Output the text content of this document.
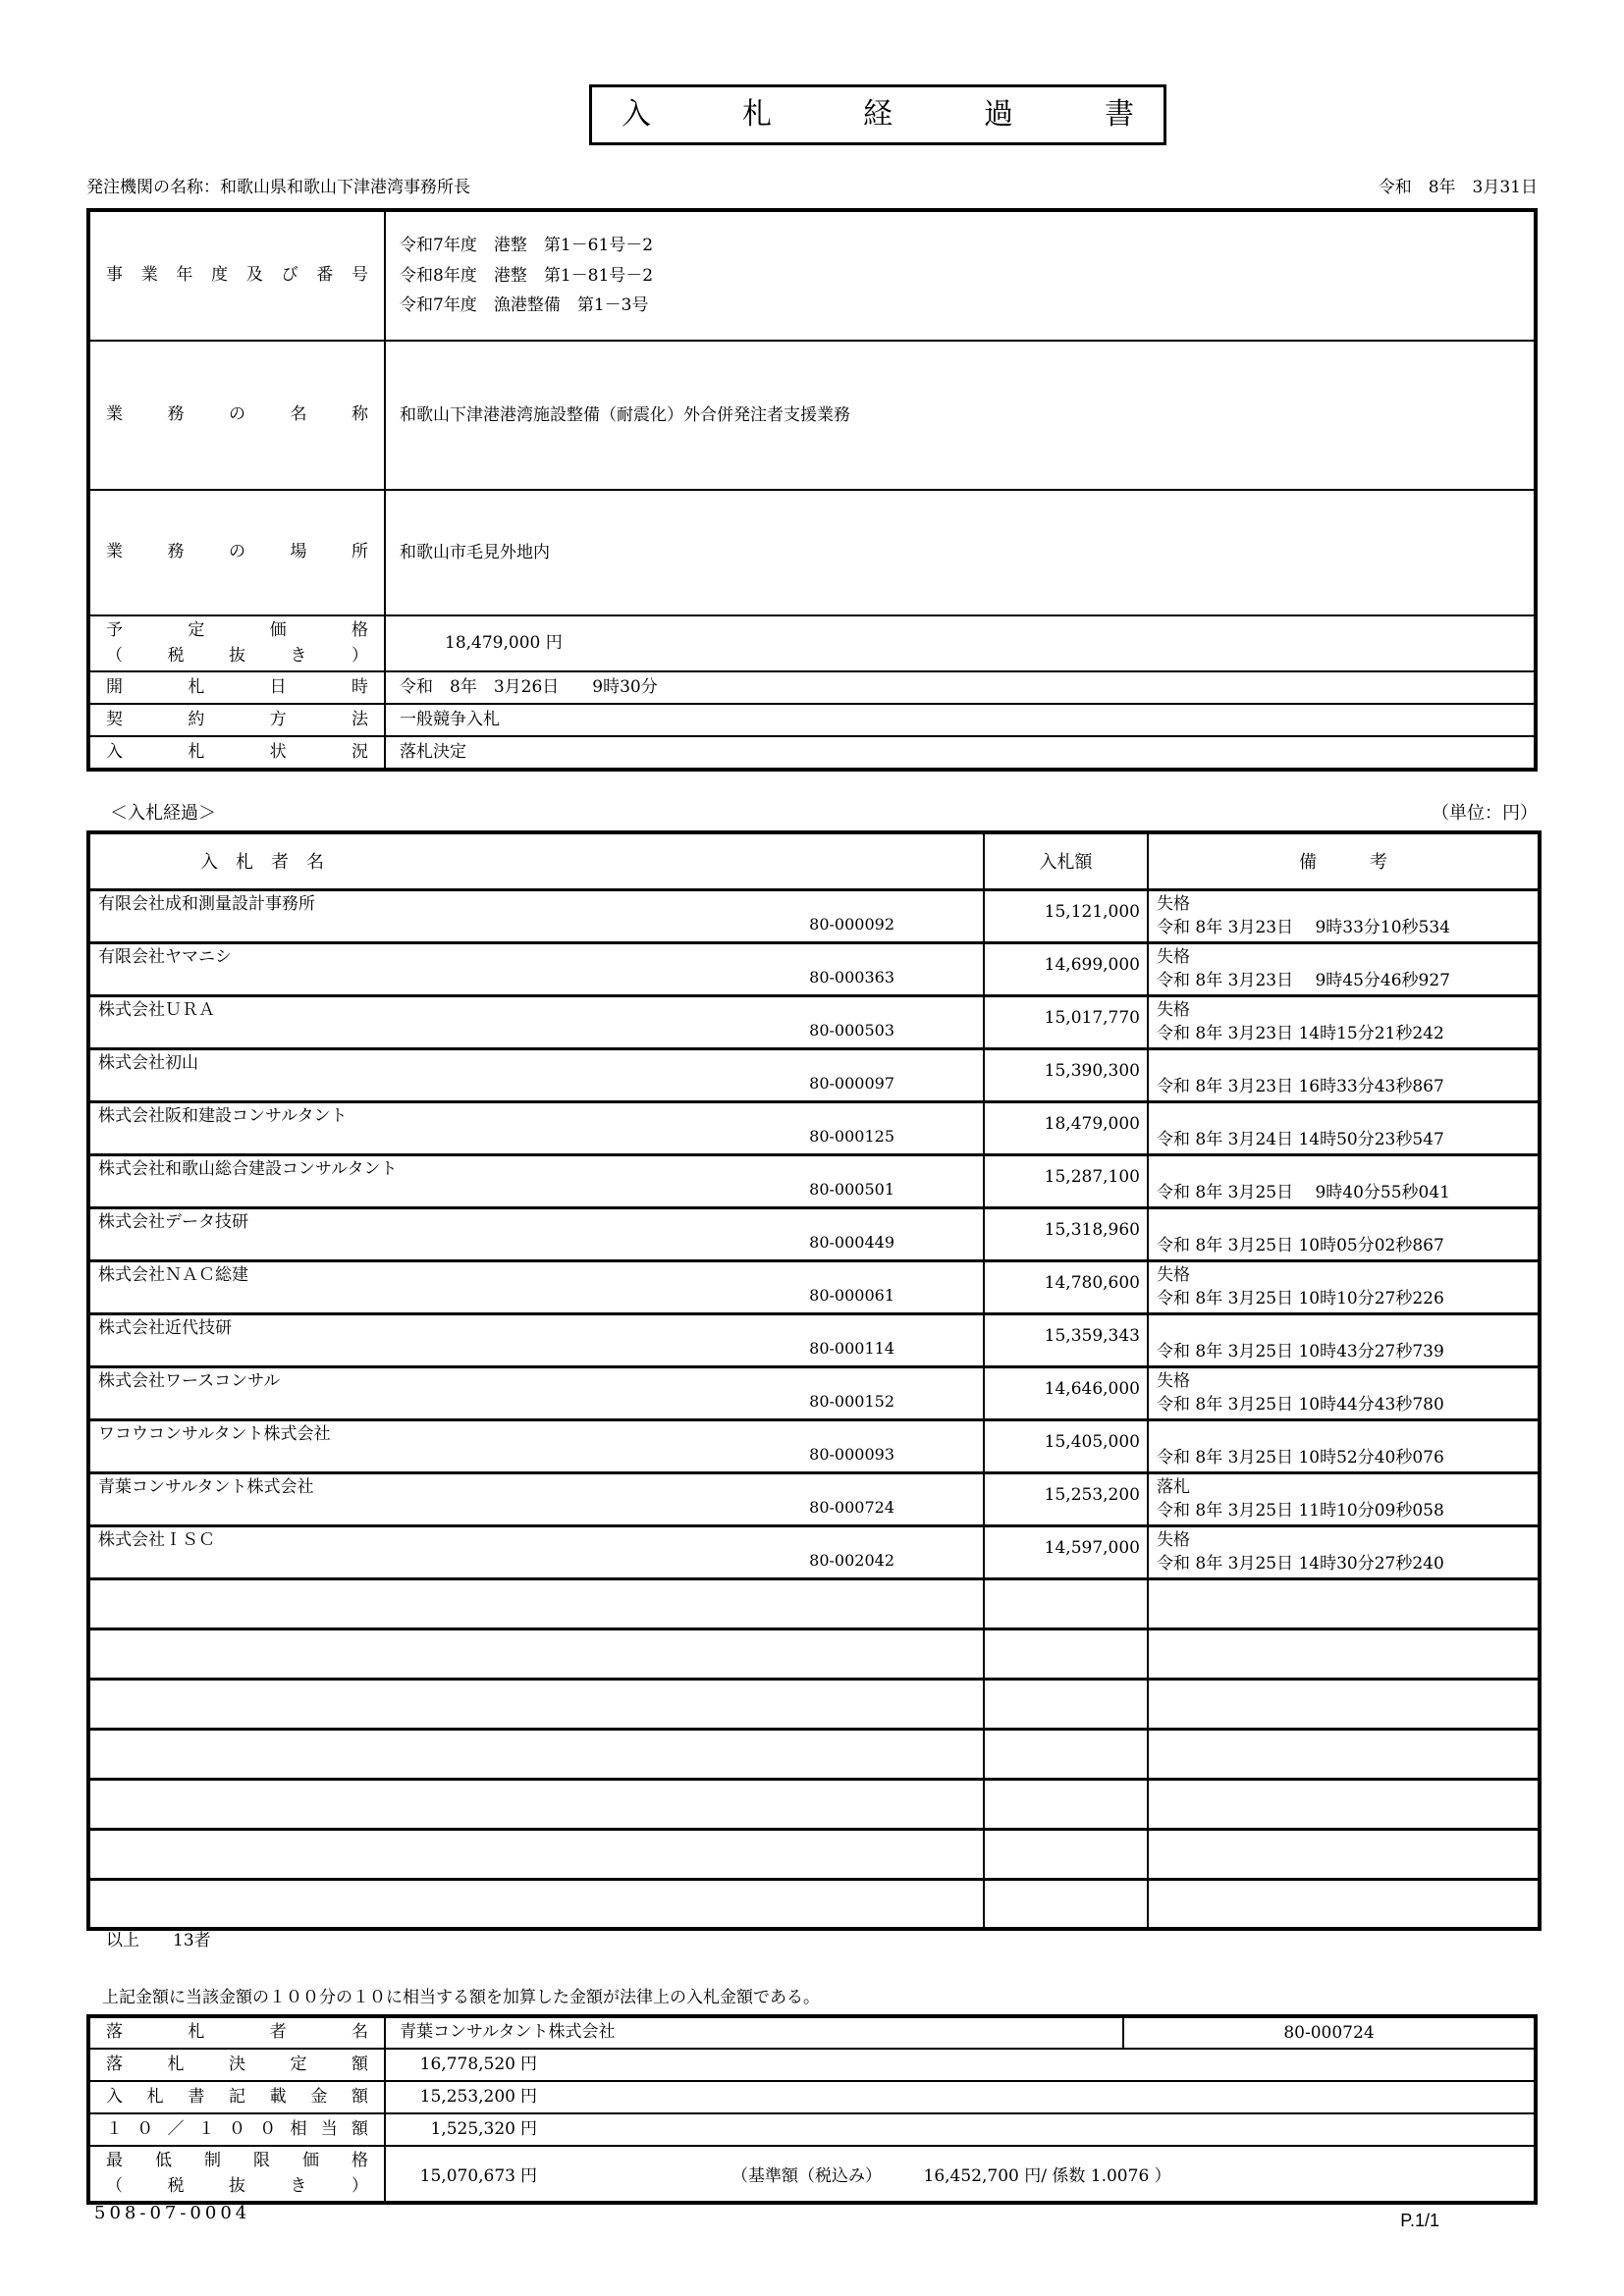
入　札　経　過　書
発注機関の名称：和歌山県和歌山下津港湾事務所長	令和　8年　3月31日
事業年度及び番号	令和7年度　港整　第1－61号－2
令和8年度　港整　第1－81号－2
令和7年度　漁港整備　第1－3号

業務の名称	和歌山下津港港湾施設整備（耐震化）外合併発注者支援業務

業務の場所	和歌山市毛見外地内

予定価格
（税抜き）	18,479,000 円

開札日時	令和　8年　3月26日　　9時30分

契約方法	一般競争入札

入札状況	落札決定
＜入札経過＞	（単位：円）
入　札　者　名	入札額	備　　　考

有限会社成和測量設計事務所
80-000092
	15,121,000	失格
令和 8年 3月23日　 9時33分10秒534

有限会社ヤマニシ
80-000363
	14,699,000	失格
令和 8年 3月23日　 9時45分46秒927

株式会社ＵＲＡ
80-000503
	15,017,770	失格
令和 8年 3月23日 14時15分21秒242

株式会社初山
80-000097	15,390,300	令和 8年 3月23日 16時33分43秒867

株式会社阪和建設コンサルタント
80-000125	18,479,000	令和 8年 3月24日 14時50分23秒547

株式会社和歌山総合建設コンサルタント
80-000501	15,287,100	令和 8年 3月25日　 9時40分55秒041

株式会社データ技研
80-000449	15,318,960	令和 8年 3月25日 10時05分02秒867

株式会社ＮＡＣ総建
80-000061
	14,780,600	失格
令和 8年 3月25日 10時10分27秒226

株式会社近代技研
80-000114	15,359,343	令和 8年 3月25日 10時43分27秒739

株式会社ワースコンサル
80-000152
	14,646,000	失格
令和 8年 3月25日 10時44分43秒780

ワコウコンサルタント株式会社
80-000093	15,405,000	令和 8年 3月25日 10時52分40秒076

青葉コンサルタント株式会社
80-000724
	15,253,200	落札
令和 8年 3月25日 11時10分09秒058

株式会社ＩＳＣ
80-002042
	14,597,000	失格
令和 8年 3月25日 14時30分27秒240

以上　　13者
上記金額に当該金額の１００分の１０に相当する額を加算した金額が法律上の入札金額である。
落札者名	青葉コンサルタント株式会社	80-000724

落札決定額	16,778,520 円	

入札書記載金額	15,253,200 円	

１０／１００相当額	1,525,320 円	

最低制限価格
（税抜き）	15,070,673 円	（基準額（税込み）　　　16,452,700 円/ 係数 1.0076 ）
508-07-0004	P.1/1
